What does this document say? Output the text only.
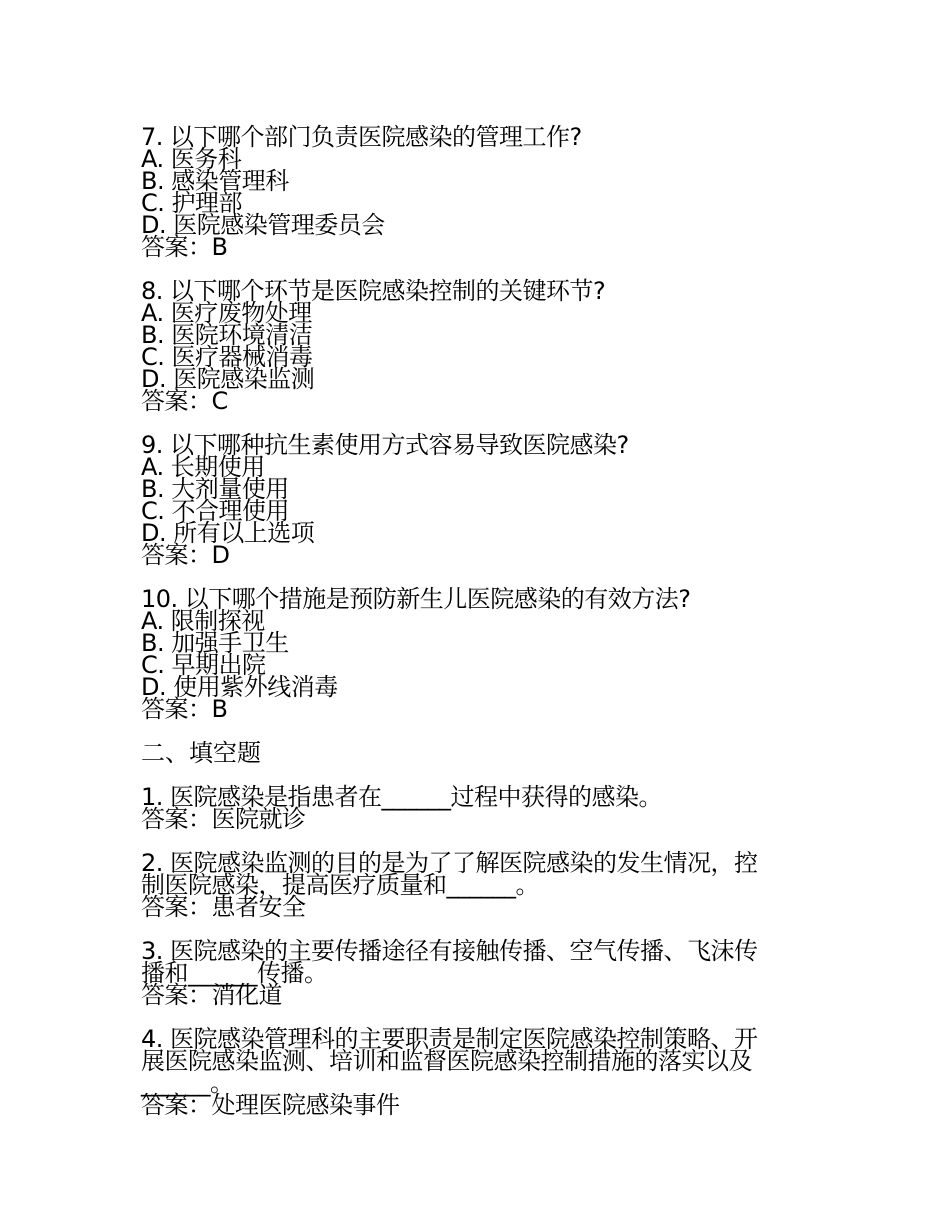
7. 以下哪个部门负责医院感染的管理工作?
A. 医务科
B. 感染管理科
C. 护理部
D. 医院感染管理委员会
答案：B
8. 以下哪个环节是医院感染控制的关键环节?
A. 医疗废物处理
B. 医院环境清洁
C. 医疗器械消毒
D. 医院感染监测
答案：C
9. 以下哪种抗生素使用方式容易导致医院感染?
A. 长期使用
B. 大剂量使用
C. 不合理使用
D. 所有以上选项
答案：D
10. 以下哪个措施是预防新生儿医院感染的有效方法?
A. 限制探视
B. 加强手卫生
C. 早期出院
D. 使用紫外线消毒
答案：B
二、填空题
1. 医院感染是指患者在______过程中获得的感染。
答案：医院就诊
2. 医院感染监测的目的是为了了解医院感染的发生情况，控
制医院感染，提高医疗质量和______。
答案：患者安全
3. 医院感染的主要传播途径有接触传播、空气传播、飞沫传
播和______传播。
答案：消化道
4. 医院感染管理科的主要职责是制定医院感染控制策略、开
展医院感染监测、培训和监督医院感染控制措施的落实以及
______。
答案：处理医院感染事件
